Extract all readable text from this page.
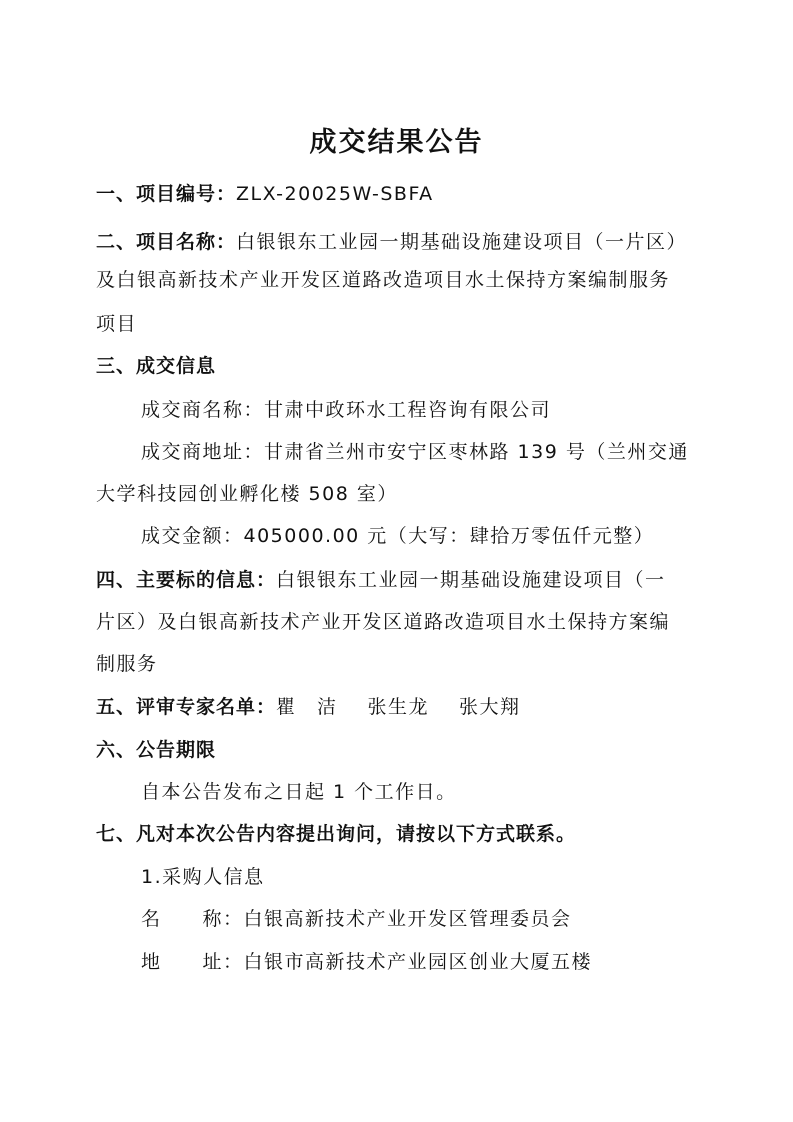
成交结果公告
一、项目编号：ZLX-20025W-SBFA
二、项目名称：白银银东工业园一期基础设施建设项目（一片区）
及白银高新技术产业开发区道路改造项目水土保持方案编制服务
项目
三、成交信息
成交商名称：甘肃中政环水工程咨询有限公司
成交商地址：甘肃省兰州市安宁区枣林路 139 号（兰州交通
大学科技园创业孵化楼 508 室）
成交金额：405000.00 元（大写：肆拾万零伍仟元整）
四、主要标的信息：白银银东工业园一期基础设施建设项目（一
片区）及白银高新技术产业开发区道路改造项目水土保持方案编
制服务
五、评审专家名单：瞿　洁 张生龙 张大翔
六、公告期限
自本公告发布之日起 1 个工作日。
七、凡对本次公告内容提出询问，请按以下方式联系。
1.采购人信息
名　　称：白银高新技术产业开发区管理委员会
地　　址：白银市高新技术产业园区创业大厦五楼
